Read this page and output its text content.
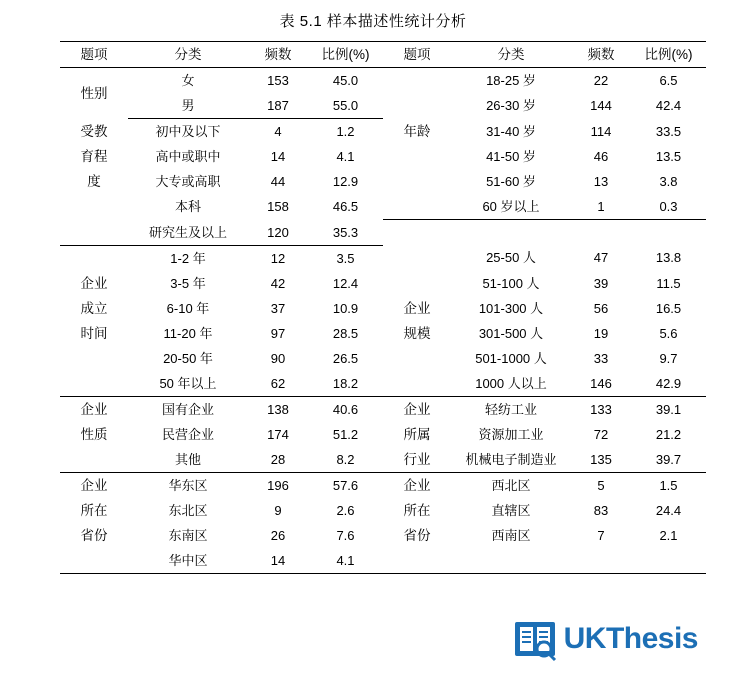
表 5.1 样本描述性统计分析
题项	分类	频数	比例(%)	题项	分类	频数	比例(%)
性别	女	153	45.0	年龄	18-25 岁	22	6.5
	男	187	55.0		26-30 岁	144	42.4
受教	初中及以下	4	1.2		31-40 岁	114	33.5
育程	高中或职中	14	4.1		41-50 岁	46	13.5
度	大专或高职	44	12.9		51-60 岁	13	3.8
	本科	158	46.5		60 岁以上	1	0.3
	研究生及以上	120	35.3				
	1-2 年	12	3.5		25-50 人	47	13.8
企业	3-5 年	42	12.4		51-100 人	39	11.5
成立	6-10 年	37	10.9	企业	101-300 人	56	16.5
时间	11-20 年	97	28.5	规模	301-500 人	19	5.6
	20-50 年	90	26.5		501-1000 人	33	9.7
	50 年以上	62	18.2		1000 人以上	146	42.9
企业	国有企业	138	40.6	企业	轻纺工业	133	39.1
性质	民营企业	174	51.2	所属	资源加工业	72	21.2
	其他	28	8.2	行业	机械电子制造业	135	39.7
企业	华东区	196	57.6	企业	西北区	5	1.5
所在	东北区	9	2.6	所在	直辖区	83	24.4
省份	东南区	26	7.6	省份	西南区	7	2.1
	华中区	14	4.1				
UKThesis
